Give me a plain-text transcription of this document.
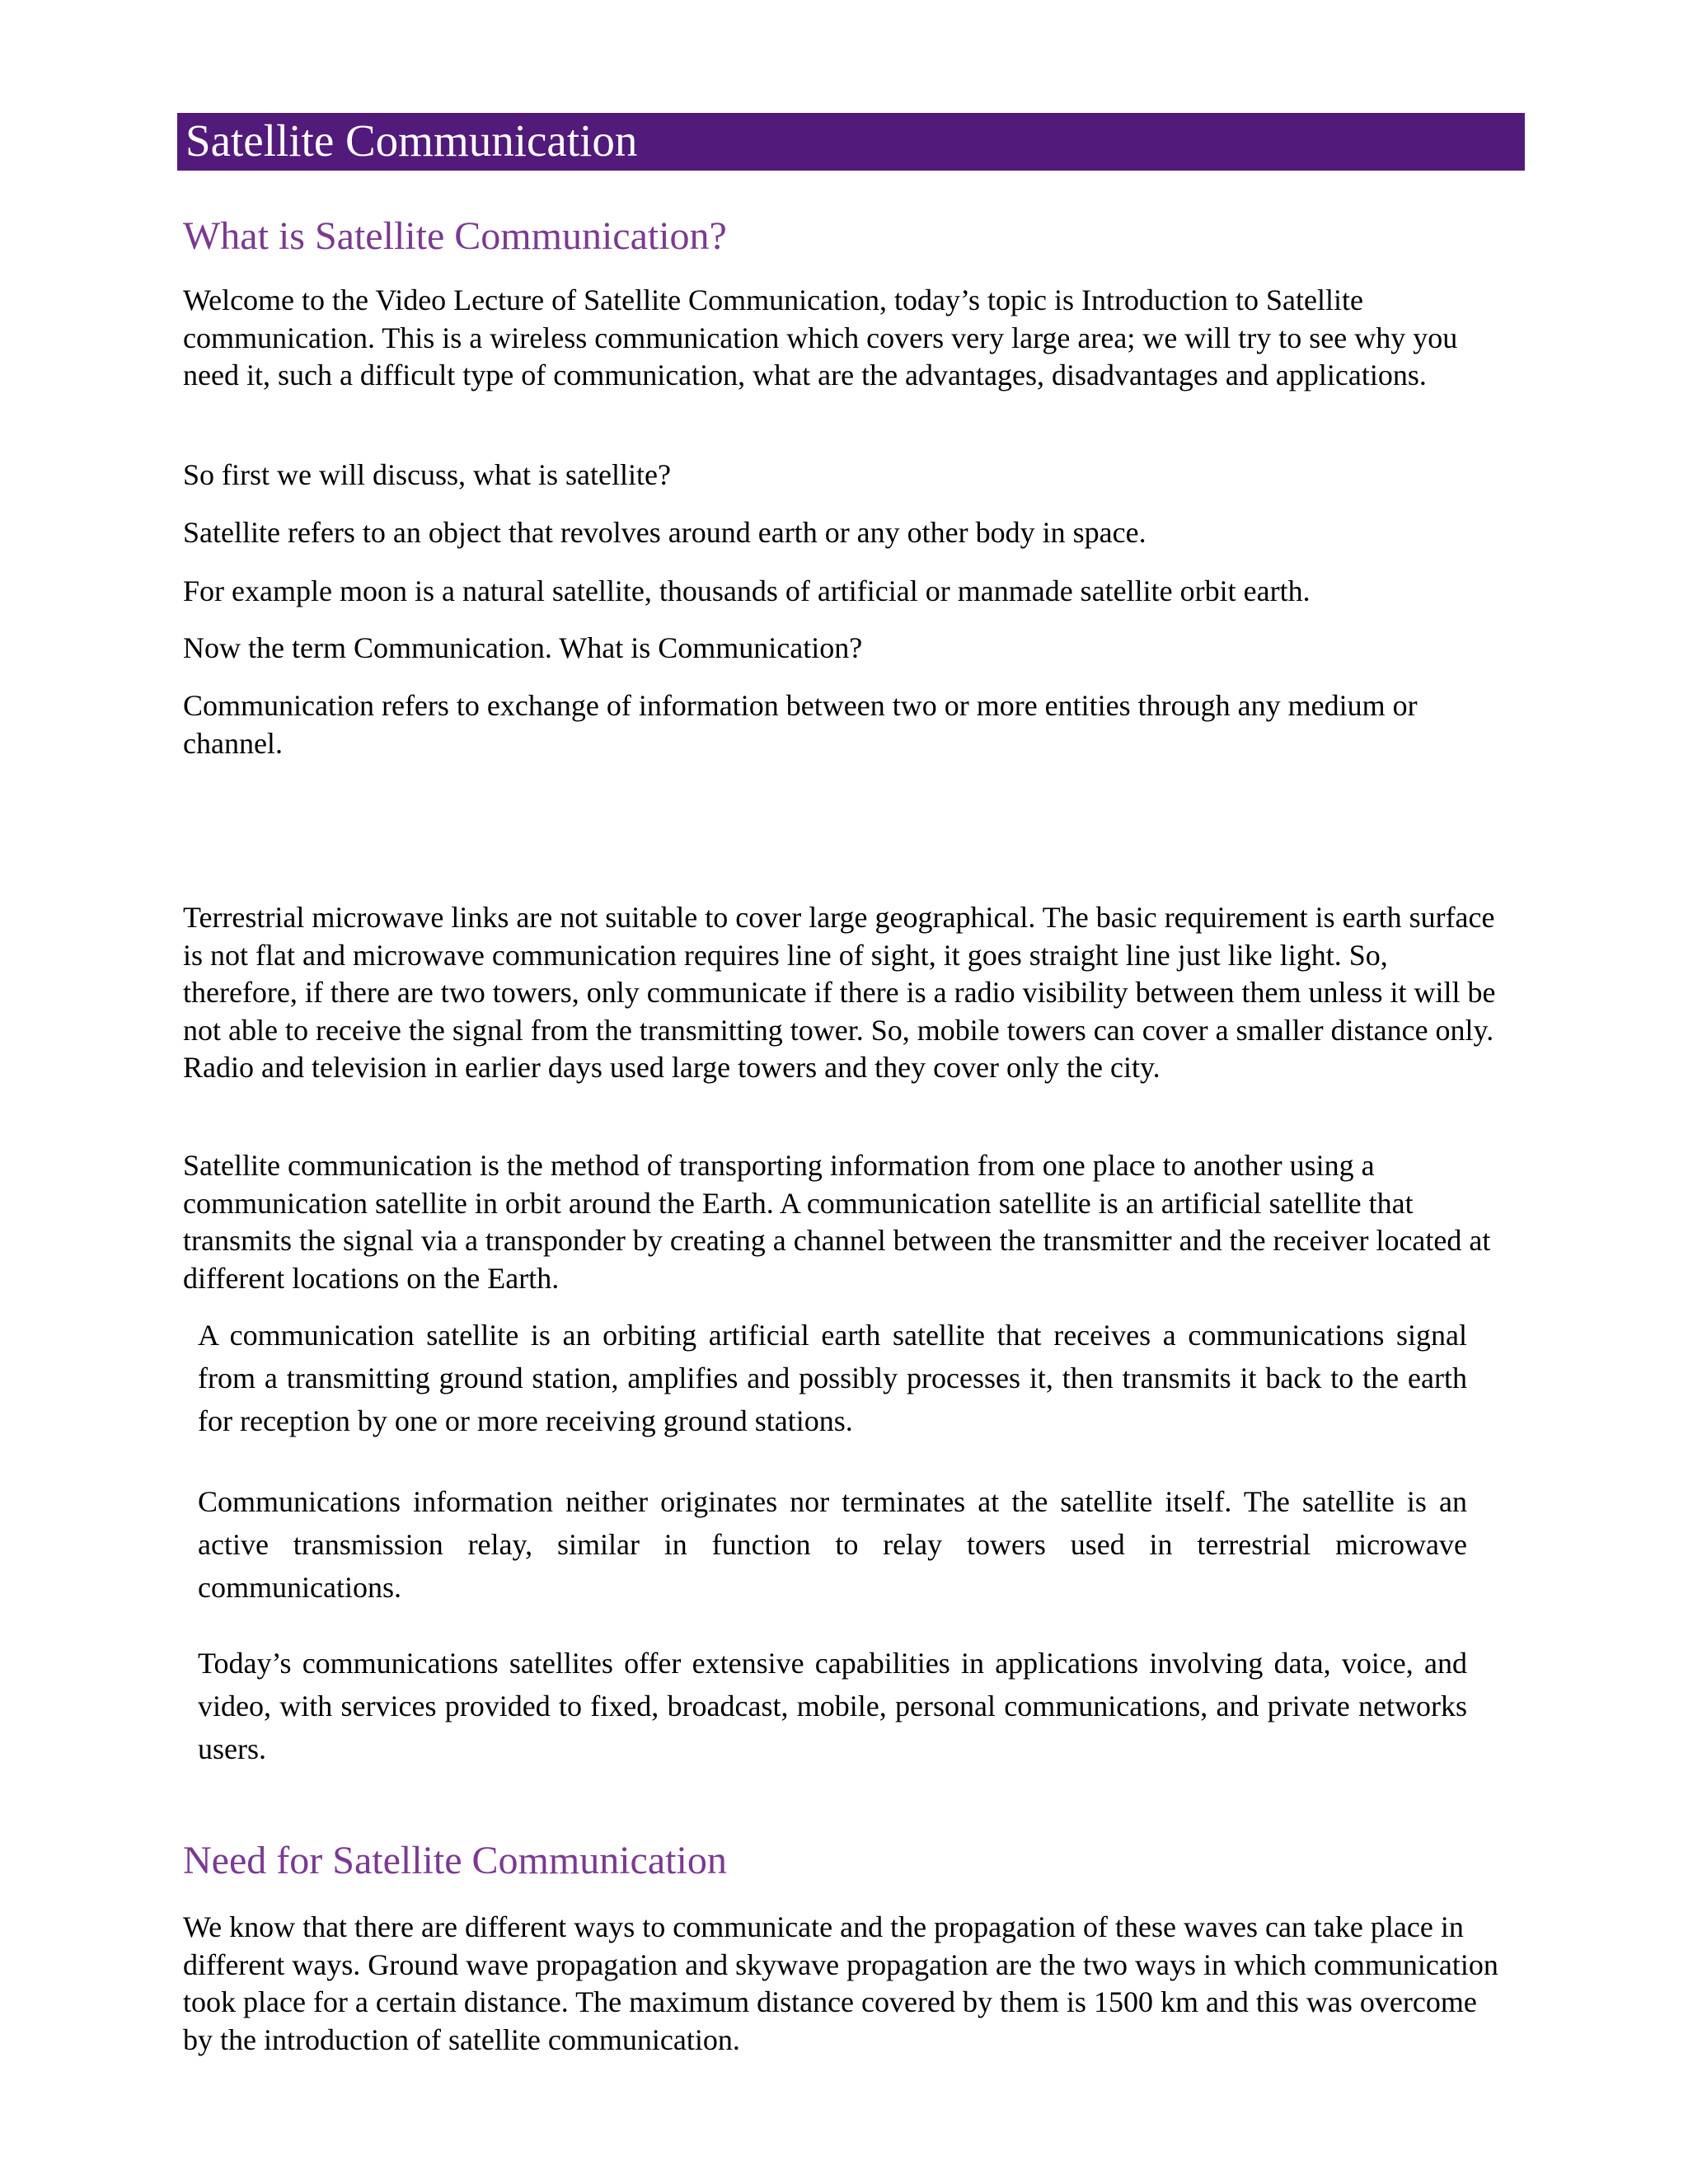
Satellite Communication
What is Satellite Communication?

Welcome to the Video Lecture of Satellite Communication, today’s topic is Introduction to Satellite communication. This is a wireless communication which covers very large area; we will try to see why you need it, such a difficult type of communication, what are the advantages, disadvantages and applications.

So first we will discuss, what is satellite?

Satellite refers to an object that revolves around earth or any other body in space.

For example moon is a natural satellite, thousands of artificial or manmade satellite orbit earth.

Now the term Communication. What is Communication?

Communication refers to exchange of information between two or more entities through any medium or channel.

Terrestrial microwave links are not suitable to cover large geographical. The basic requirement is earth surface is not flat and microwave communication requires line of sight, it goes straight line just like light. So, therefore, if there are two towers, only communicate if there is a radio visibility between them unless it will be not able to receive the signal from the transmitting tower. So, mobile towers can cover a smaller distance only. Radio and television in earlier days used large towers and they cover only the city.

Satellite communication is the method of transporting information from one place to another using a communication satellite in orbit around the Earth. A communication satellite is an artificial satellite that transmits the signal via a transponder by creating a channel between the transmitter and the receiver located at different locations on the Earth.

A communication satellite is an orbiting artificial earth satellite that receives a communications signal from a transmitting ground station, amplifies and possibly processes it, then transmits it back to the earth for reception by one or more receiving ground stations.

Communications information neither originates nor terminates at the satellite itself. The satellite is an active transmission relay, similar in function to relay towers used in terrestrial microwave communications.

Today’s communications satellites offer extensive capabilities in applications involving data, voice, and video, with services provided to fixed, broadcast, mobile, personal communications, and private networks users.

Need for Satellite Communication

We know that there are different ways to communicate and the propagation of these waves can take place in different ways. Ground wave propagation and skywave propagation are the two ways in which communication took place for a certain distance. The maximum distance covered by them is 1500 km and this was overcome by the introduction of satellite communication.
